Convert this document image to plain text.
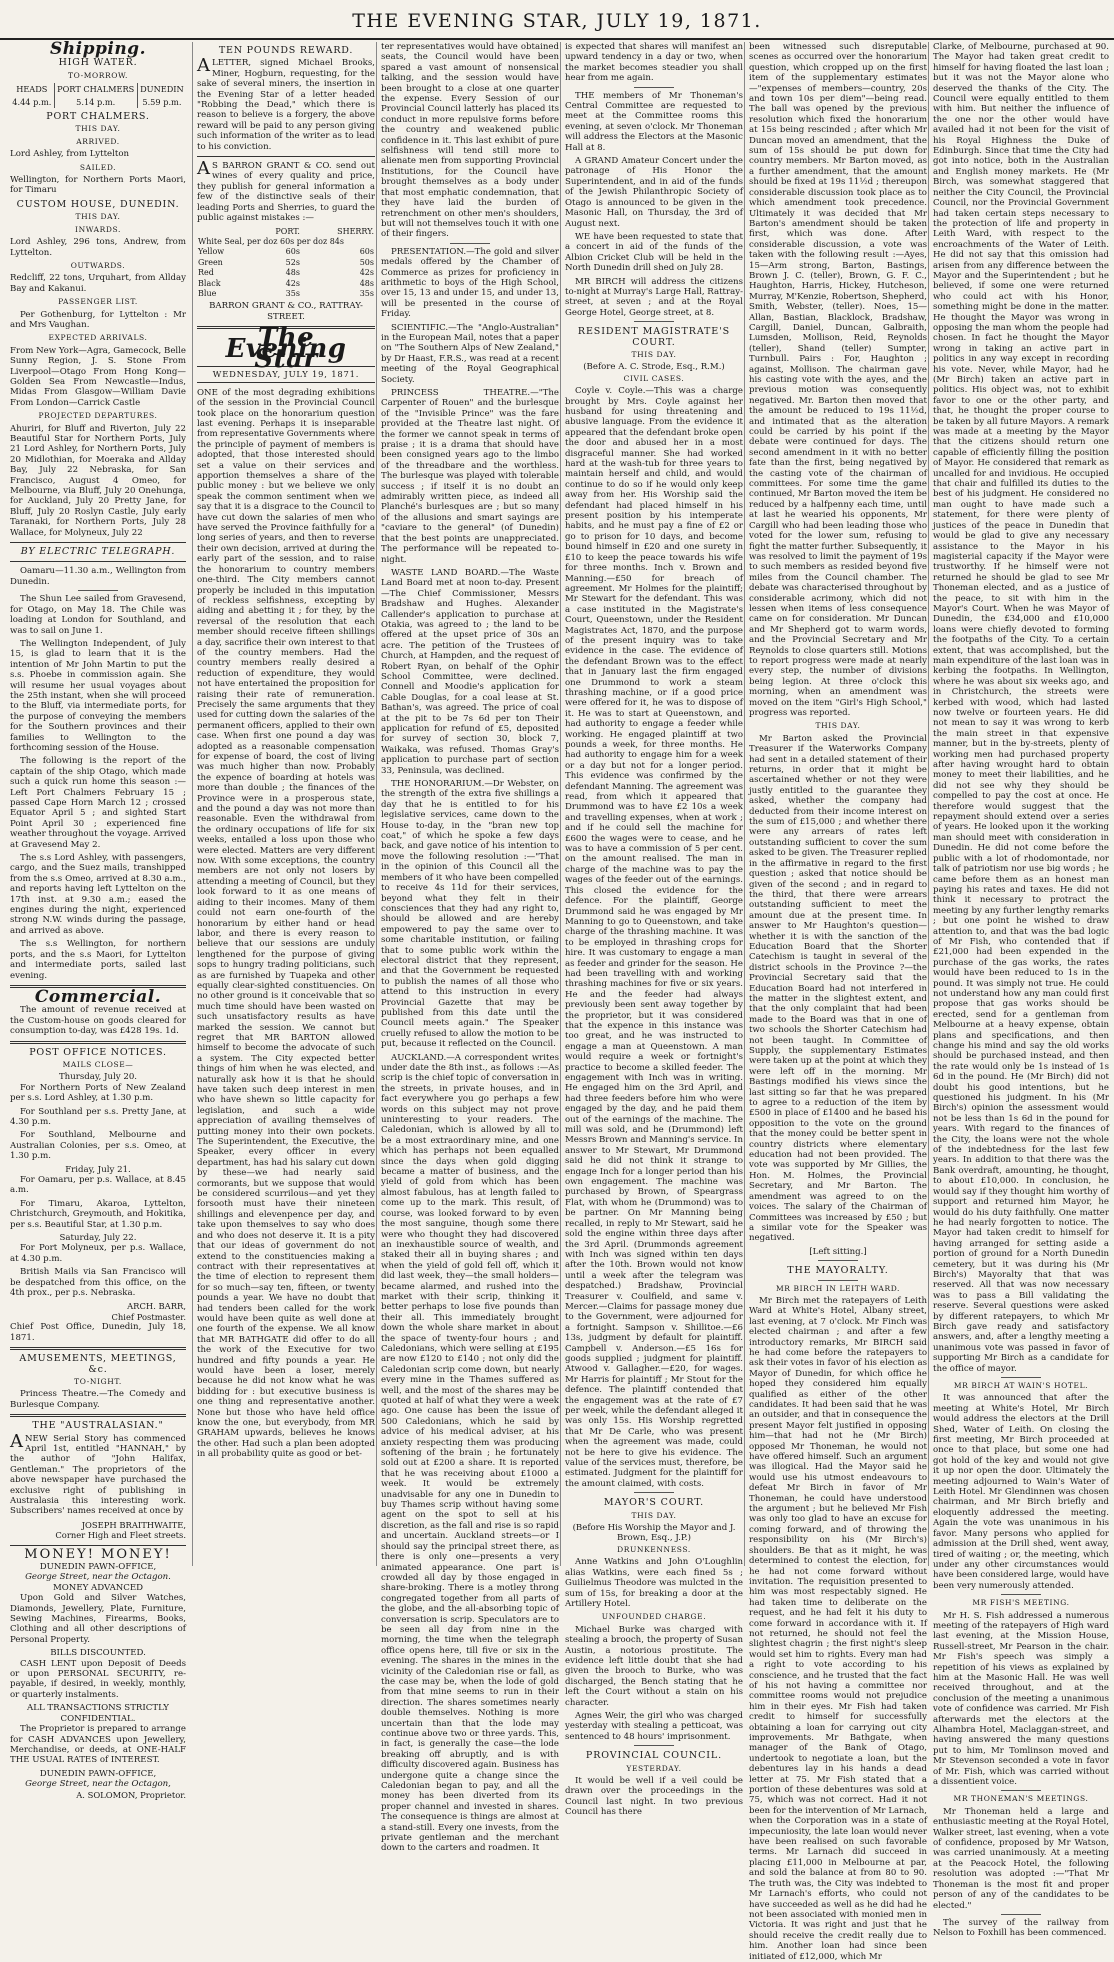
THE EVENING STAR, JULY 19, 1871.
Shipping.
HIGH WATER.
TO-MORROW.
HEADS	PORT CHALMERS	DUNEDIN
4.44 p.m.	5.14 p.m.	5.59 p.m.
PORT CHALMERS.
THIS DAY.
ARRIVED.

Lord Ashley, from Lyttelton

SAILED.

Wellington, for Northern Ports Maori, for Timaru

CUSTOM HOUSE, DUNEDIN.
THIS DAY.
INWARDS.

Lord Ashley, 296 tons, Andrew, from Lyttelton.

OUTWARDS.

Redcliff, 22 tons, Urquhart, from Allday Bay and Kakanui.

PASSENGER LIST.

Per Gothenburg, for Lyttelton : Mr and Mrs Vaughan.

EXPECTED ARRIVALS.

From New York—Agra, Gamecock, Belle Sunny Region, J. S. Stone From Liverpool—Otago From Hong Kong—Golden Sea From Newcastle—Indus, Midas From Glasgow—William Davie From London—Carrick Castle

PROJECTED DEPARTURES.

Ahuriri, for Bluff and Riverton, July 22 Beautiful Star for Northern Ports, July 21 Lord Ashley, for Northern Ports, July 20 Midlothian, for Moeraka and Allday Bay, July 22 Nebraska, for San Francisco, August 4 Omeo, for Melbourne, via Bluff, July 20 Onehunga, for Auckland, July 20 Pretty Jane, for Bluff, July 20 Roslyn Castle, July early Taranaki, for Northern Ports, July 28 Wallace, for Molyneux, July 22

BY ELECTRIC TELEGRAPH.

Oamaru—11.30 a.m., Wellington from Dunedin.

The Shun Lee sailed from Gravesend, for Otago, on May 18. The Chile was loading at London for Southland, and was to sail on June 1.

The Wellington Independent, of July 15, is glad to learn that it is the intention of Mr John Martin to put the s.s. Phoebe in commission again. She will resume her usual voyages about the 25th instant, when she will proceed to the Bluff, via intermediate ports, for the purpose of conveying the members for the Southern provinces and their families to Wellington to the forthcoming session of the House.

The following is the report of the captain of the ship Otago, which made such a quick run home this season :—Left Port Chalmers February 15 ; passed Cape Horn March 12 ; crossed Equator April 5 ; and sighted Start Point April 30 ; experienced fine weather throughout the voyage. Arrived at Gravesend May 2.

The s.s Lord Ashley, with passengers, cargo, and the Suez mails, transhipped from the s.s Omeo, arrived at 8.30 a.m., and reports having left Lyttelton on the 17th inst. at 9.30 a.m.; eased the engines during the night, experienced strong N.W. winds during the passage, and arrived as above.

The s.s Wellington, for northern ports, and the s.s Maori, for Lyttelton and intermediate ports, sailed last evening.

Commercial.

The amount of revenue received at the Custom-house on goods cleared for consumption to-day, was £428 19s. 1d.

POST OFFICE NOTICES.
MAILS CLOSE—
Thursday, July 20.

For Northern Ports of New Zealand per s.s. Lord Ashley, at 1.30 p.m.

For Southland per s.s. Pretty Jane, at 4.30 p.m.

For Southland, Melbourne and Australian Colonies, per s.s. Omeo, at 1.30 p.m.

Friday, July 21.

For Oamaru, per p.s. Wallace, at 8.45 a.m.

For Timaru, Akaroa, Lyttelton, Christchurch, Greymouth, and Hokitika, per s.s. Beautiful Star, at 1.30 p.m.

Saturday, July 22.

For Port Molyneux, per p.s. Wallace, at 4.30 p.m.

British Mails via San Francisco will be despatched from this office, on the 4th prox., per p.s. Nebraska.

ARCH. BARR,
Chief Postmaster.

Chief Post Office, Dunedin, July 18, 1871.

AMUSEMENTS, MEETINGS, &c.
TO-NIGHT.

Princess Theatre.—The Comedy and Burlesque Company.

THE "AUSTRALASIAN."

ANEW Serial Story has commenced April 1st, entitled "HANNAH," by the author of "John Halifax, Gentleman." The proprietors of the above newspaper have purchased the exclusive right of publishing in Australasia this interesting work. Subscribers' names received at once by

JOSEPH BRAITHWAITE,
Corner High and Fleet streets.
MONEY! MONEY!
DUNEDIN PAWN-OFFICE,
George Street, near the Octagon.
MONEY ADVANCED

Upon Gold and Silver Watches, Diamonds, Jewellery, Plate, Furniture, Sewing Machines, Firearms, Books, Clothing and all other descriptions of Personal Property.

BILLS DISCOUNTED.

CASH LENT upon Deposit of Deeds or upon PERSONAL SECURITY, re-payable, if desired, in weekly, monthly, or quarterly instalments.

ALL TRANSACTIONS STRICTLY CONFIDENTIAL.

The Proprietor is prepared to arrange for CASH ADVANCES upon Jewellery, Merchandise, or deeds, at ONE-HALF THE USUAL RATES of INTEREST.

DUNEDIN PAWN-OFFICE,
George Street, near the Octagon,
A. SOLOMON, Proprietor.
TEN POUNDS REWARD.

ALETTER, signed Michael Brooks, Miner, Hogburn, requesting, for the sake of several miners, the insertion in the Evening Star of a letter headed "Robbing the Dead," which there is reason to believe is a forgery, the above reward will be paid to any person giving such information of the writer as to lead to his conviction.

AS BARRON GRANT & CO. send out wines of every quality and price, they publish for general information a few of the distinctive seals of their leading Ports and Sherries, to guard the public against mistakes :—

	PORT.	SHERRY.
White Seal, per doz 60s per doz 84s		
Yellow	60s	60s
Green	52s	50s
Red	48s	42s
Black	42s	48s
Blue	35s	35s
BARRON GRANT & CO., RATTRAY-STREET.
The Evening Star
WEDNESDAY, JULY 19, 1871.

ONE of the most degrading exhibitions of the session in the Provincial Council took place on the honorarium question last evening. Perhaps it is inseparable from representative Governments where the principle of payment of members is adopted, that those interested should set a value on their services and apportion themselves a share of the public money : but we believe we only speak the common sentiment when we say that it is a disgrace to the Council to have cut down the salaries of men who have served the Province faithfully for a long series of years, and then to reverse their own decision, arrived at during the early part of the session, and to raise the honorarium to country members one-third. The City members cannot properly be included in this imputation of reckless selfishness, excepting by aiding and abetting it ; for they, by the reversal of the resolution that each member should receive fifteen shillings a day, sacrifice their own interest to that of the country members. Had the country members really desired a reduction of expenditure, they would not have entertained the proposition for raising their rate of remuneration. Precisely the same arguments that they used for cutting down the salaries of the permanent officers, applied to their own case. When first one pound a day was adopted as a reasonable compensation for expense of board, the cost of living was much higher than now. Probably the expence of boarding at hotels was more than double ; the finances of the Province were in a prosperous state, and the pound a day was not more than reasonable. Even the withdrawal from the ordinary occupations of life for six weeks, entailed a loss upon those who were elected. Matters are very different now. With some exceptions, the country members are not only not losers by attending a meeting of Council, but they look forward to it as one means of aiding to their incomes. Many of them could not earn one-fourth of the honorarium by either hand or head labor, and there is every reason to believe that our sessions are unduly lengthened for the purpose of giving sops to hungry trading politicians, such as are furnished by Tuapeka and other equally clear-sighted constituencies. On no other ground is it conceivable that so much time should have been wasted on such unsatisfactory results as have marked the session. We cannot but regret that MR BARTON allowed himself to become the advocate of such a system. The City expected better things of him when he was elected, and naturally ask how it is that he should have taken such deep interest in men who have shewn so little capacity for legislation, and such a wide appreciation of availing themselves of putting money into their own pockets. The Superintendent, the Executive, the Speaker, every officer in every department, has had his salary cut down by these—we had nearly said cormorants, but we suppose that would be considered scurrilous—and yet they forsooth must have their nineteen shillings and elevenpence per day, and take upon themselves to say who does and who does not deserve it. It is a pity that our ideas of government do not extend to the constituencies making a contract with their representatives at the time of election to represent them for so much—say ten, fifteen, or twenty pounds a year. We have no doubt that had tenders been called for the work would have been quite as well done at one fourth of the expense. We all know that MR BATHGATE did offer to do all the work of the Executive for two hundred and fifty pounds a year. He would have been a loser, merely because he did not know what he was bidding for : but executive business is one thing and representative another. None but those who have held office know the one, but everybody, from MR GRAHAM upwards, believes he knows the other. Had such a plan been adopted in all probability quite as good or bet-

ter representatives would have obtained seats, the Council would have been spared a vast amount of nonsensical talking, and the session would have been brought to a close at one quarter the expense. Every Session of our Provincial Council latterly has placed its conduct in more repulsive forms before the country and weakened public confidence in it. This last exhibit of pure selfishness will tend still more to alienate men from supporting Provincial Institutions, for the Council have brought themselves as a body under that most emphatic condemnation, that they have laid the burden of retrenchment on other men's shoulders, but will not themselves touch it with one of their fingers.

PRESENTATION.—The gold and silver medals offered by the Chamber of Commerce as prizes for proficiency in arithmetic to boys of the High School, over 15, 13 and under 15, and under 13, will be presented in the course of Friday.

SCIENTIFIC.—The "Anglo-Australian" in the European Mail, notes that a paper on "The Southern Alps of New Zealand," by Dr Haast, F.R.S., was read at a recent meeting of the Royal Geographical Society.

PRINCESS THEATRE.—"The Carpenter of Rouen" and the burlesque of the "Invisible Prince" was the fare provided at the Theatre last night. Of the former we cannot speak in terms of praise ; it is a drama that should have been consigned years ago to the limbo of the threadbare and the worthless. The burlesque was played with tolerable success ; if itself it is no doubt an admirably written piece, as indeed all Planché's burlesques are ; but so many of the allusions and smart sayings are "caviare to the general" (of Dunedin) that the best points are unappreciated. The performance will be repeated to-night.

WASTE LAND BOARD.—The Waste Land Board met at noon to-day. Present—The Chief Commissioner, Messrs Bradshaw and Hughes. Alexander Callender's application to purchase at Otakia, was agreed to ; the land to be offered at the upset price of 30s an acre. The petition of the Trustees of Church, at Hampden, and the request of Robert Ryan, on behalf of the Ophir School Committee, were declined. Connell and Moodie's application for Cable Douglas, for a coal lease at St. Bathan's, was agreed. The price of coal at the pit to be 7s 6d per ton Their application for refund of £5, deposited for survey of section 30, block 7, Waikaka, was refused. Thomas Gray's application to purchase part of section 33, Peninsula, was declined.

THE HONORARIUM.—Dr Webster, on the strength of the extra five shillings a day that he is entitled to for his legislative services, came down to the House to-day, in the "bran new top coat," of which he spoke a few days back, and gave notice of his intention to move the following resolution :—"That in the opinion of this Council all the members of it who have been compelled to receive 4s 11d for their services, beyond what they felt in their consciences that they had any right to, should be allowed and are hereby empowered to pay the same over to some charitable institution, or failing that to some public work within the electoral district that they represent, and that the Government be requested to publish the names of all those who attend to this instruction in every Provincial Gazette that may be published from this date until the Council meets again." The Speaker cruelly refused to allow the motion to be put, because it reflected on the Council.

AUCKLAND.—A correspondent writes under date the 8th inst., as follows :—As scrip is the chief topic of conversation in the streets, in private houses, and in fact everywhere you go perhaps a few words on this subject may not prove uninteresting to your readers. The Caledonian, which is allowed by all to be a most extraordinary mine, and one which has perhaps not been equalled since the days when gold digging became a matter of business, and the yield of gold from which has been almost fabulous, has at length failed to come up to the mark. This result, of course, was looked forward to by even the most sanguine, though some there were who thought they had discovered an inexhaustible source of wealth, and staked their all in buying shares ; and when the yield of gold fell off, which it did last week, they—the small holders—became alarmed, and rushed into the market with their scrip, thinking it better perhaps to lose five pounds than their all. This immediately brought down the whole share market in about the space of twenty-four hours ; and Caledonians, which were selling at £195 are now £120 to £140 ; not only did the Caledonian scrip come down, but nearly every mine in the Thames suffered as well, and the most of the shares may be quoted at half of what they were a week ago. One cause has been the issue of 500 Caledonians, which he said by advice of his medical adviser, at his anxiety respecting them was producing softening of the brain ; he fortunately sold out at £200 a share. It is reported that he was receiving about £1000 a week. It would be extremely unadvisable for any one in Dunedin to buy Thames scrip without having some agent on the spot to sell at his discretion, as the fall and rise is so rapid and uncertain. Auckland streets—or I should say the principal street there, as there is only one—presents a very animated appearance. One part is crowded all day by those engaged in share-broking. There is a motley throng congregated together from all parts of the globe, and the all-absorbing topic of conversation is scrip. Speculators are to be seen all day from nine in the morning, the time when the telegraph office opens here, till five or six in the evening. The shares in the mines in the vicinity of the Caledonian rise or fall, as the case may be, when the lode of gold from that mine seems to run in their direction. The shares sometimes nearly double themselves. Nothing is more uncertain than that the lode may continue above two or three yards. This, in fact, is generally the case—the lode breaking off abruptly, and is with difficulty discovered again. Business has undergone quite a change since the Caledonian began to pay, and all the money has been diverted from its proper channel and invested in shares. The consequence is things are almost at a stand-still. Every one invests, from the private gentleman and the merchant down to the carters and roadmen. It

is expected that shares will manifest an upward tendency in a day or two, when the market becomes steadier you shall hear from me again.

THE members of Mr Thoneman's Central Committee are requested to meet at the Committee rooms this evening, at seven o'clock. Mr Thoneman will address the Electors at the Masonic Hall at 8.

A GRAND Amateur Concert under the patronage of His Honor the Superintendent, and in aid of the funds of the Jewish Philanthropic Society of Otago is announced to be given in the Masonic Hall, on Thursday, the 3rd of August next.

WE have been requested to state that a concert in aid of the funds of the Albion Cricket Club will be held in the North Dunedin drill shed on July 28.

MR BIRCH will address the citizens to-night at Murray's Large Hall, Rattray-street, at seven ; and at the Royal George Hotel, George street, at 8.

RESIDENT MAGISTRATE'S COURT.
THIS DAY.
(Before A. C. Strode, Esq., R.M.)
CIVIL CASES.

Coyle v. Coyle.—This was a charge brought by Mrs. Coyle against her husband for using threatening and abusive language. From the evidence it appeared that the defendant broke open the door and abused her in a most disgraceful manner. She had worked hard at the wash-tub for three years to maintain herself and child, and would continue to do so if he would only keep away from her. His Worship said the defendant had placed himself in his present position by his intemperate habits, and he must pay a fine of £2 or go to prison for 10 days, and become bound himself in £20 and one surety in £10 to keep the peace towards his wife for three months. Inch v. Brown and Manning.—£50 for breach of agreement. Mr Holmes for the plaintiff; Mr Stewart for the defendant. This was a case instituted in the Magistrate's Court, Queenstown, under the Resident Magistrates Act, 1870, and the purpose of the present inquiry was to take evidence in the case. The evidence of the defendant Brown was to the effect that in January last the firm engaged one Drummond to work a steam thrashing machine, or if a good price were offered for it, he was to dispose of it. He was to start at Queenstown, and had authority to engage a feeder while working. He engaged plaintiff at two pounds a week, for three months. He had authority to engage him for a week or a day but not for a longer period. This evidence was confirmed by the defendant Manning. The agreement was read, from which it appeared that Drummond was to have £2 10s a week and travelling expenses, when at work ; and if he could sell the machine for £600 the wages were to cease, and he was to have a commission of 5 per cent. on the amount realised. The man in charge of the machine was to pay the wages of the feeder out of the earnings. This closed the evidence for the defence. For the plaintiff, George Drummond said he was engaged by Mr Manning to go to Queenstown, and take charge of the thrashing machine. It was to be employed in thrashing crops for hire. It was customary to engage a man as feeder and grinder for the season. He had been travelling with and working thrashing machines for five or six years. He and the feeder had always previously been sent away together by the proprietor, but it was considered that the expence in this instance was too great, and he was instructed to engage a man at Queenstown. A man would require a week or fortnight's practice to become a skilled feeder. The engagement with Inch was in writing. He engaged him on the 3rd April, and had three feeders before him who were engaged by the day, and he paid them out of the earnings of the machine. The mill was sold, and he (Drummond) left Messrs Brown and Manning's service. In answer to Mr Stewart, Mr Drummond said he did not think it strange to engage Inch for a longer period than his own engagement. The machine was purchased by Brown, of Speargrass Flat, with whom he (Drummond) was to be partner. On Mr Manning being recalled, in reply to Mr Stewart, said he sold the engine within three days after the 3rd April. (Drummonds agreement with Inch was signed within ten days after the 10th. Brown would not know until a week after the telegram was despatched.) Bradshaw, Provincial Treasurer v. Coulfield, and same v. Mercer.—Claims for passage money due to the Government, were adjourned for a fortnight. Sampson v. Shillitoe.—£6 13s, judgment by default for plaintiff. Campbell v. Anderson.—£5 16s for goods supplied ; judgment for plaintiff. Atwood v. Gallagher.—£20, for wages. Mr Harris for plaintiff ; Mr Stout for the defence. The plaintiff contended that the engagement was at the rate of £7 per week, while the defendant alleged it was only 15s. His Worship regretted that Mr De Carle, who was present when the agreement was made, could not be here to give his evidence. The value of the services must, therefore, be estimated. Judgment for the plaintiff for the amount claimed, with costs.

MAYOR'S COURT.
THIS DAY.
(Before His Worship the Mayor and J. Brown, Esq., J.P.)
DRUNKENNESS.

Anne Watkins and John O'Loughlin alias Watkins, were each fined 5s ; Guilielmus Theodore was mulcted in the sum of 15s, for breaking a door at the Artillery Hotel.

UNFOUNDED CHARGE.

Michael Burke was charged with stealing a brooch, the property of Susan Austin, a notorious prostitute. The evidence left little doubt that she had given the brooch to Burke, who was discharged, the Bench stating that he left the Court without a stain on his character.

Agnes Weir, the girl who was charged yesterday with stealing a petticoat, was sentenced to 48 hours' imprisonment.

PROVINCIAL COUNCIL.
YESTERDAY.

It would be well if a veil could be drawn over the proceedings in the Council last night. In two previous Council has there

been witnessed such disreputable scenes as occurred over the honorarium question, which cropped up on the first item of the supplementary estimates—"expenses of members—country, 20s and town 10s per diem"—being read. The ball was opened by the previous resolution which fixed the honorarium at 15s being rescinded ; after which Mr Duncan moved an amendment, that the sum of 15s should be put down for country members. Mr Barton moved, as a further amendment, that the amount should be fixed at 19s 11½d ; thereupon considerable discussion took place as to which amendment took precedence. Ultimately it was decided that Mr Barton's amendment should be taken first, which was done. After considerable discussion, a vote was taken with the following result :—Ayes, 15—Arm strong, Barton, Bastings, Brown J. C. (teller), Brown, G. F. C., Haughton, Harris, Hickey, Hutcheson, Murray, M'Kenzie, Robertson, Shepherd, Smith, Webster, (teller). Noes, 15—Allan, Bastian, Blacklock, Bradshaw, Cargill, Daniel, Duncan, Galbraith, Lumsden, Mollison, Reid, Reynolds (teller), Shand (teller) Sumpter, Turnbull. Pairs : For, Haughton ; against, Mollison. The chairman gave his casting vote with the ayes, and the previous motion was consequently negatived. Mr. Barton then moved that the amount be reduced to 19s 11½d, and intimated that as the alteration could be carried by his point if the debate were continued for days. The second amendment in it with no better fate than the first, being negatived by the casting vote of the chairman of committees. For some time the game continued, Mr Barton moved the item be reduced by a halfpenny each time, until at last he wearied his opponents, Mr Cargill who had been leading those who voted for the lower sum, refusing to fight the matter further. Subsequently, it was resolved to limit the payment of 19s to such members as resided beyond five miles from the Council chamber. The debate was characterised throughout by considerable acrimony, which did not lessen when items of less consequence came on for consideration. Mr Duncan and Mr Shepherd got to warm words, and the Provincial Secretary and Mr Reynolds to close quarters still. Motions to report progress were made at nearly every step, the number of divisions being legion. At three o'clock this morning, when an amendment was moved on the item "Girl's High School," progress was reported.

THIS DAY.

Mr Barton asked the Provincial Treasurer if the Waterworks Company had sent in a detailed statement of their returns, in order that it might be ascertained whether or not they were justly entitled to the guarantee they asked, whether the company had deducted from their income interest on the sum of £15,000 ; and whether there were any arrears of rates left outstanding sufficient to cover the sum asked to be given. The Treasurer replied in the affirmative in regard to the first question ; asked that notice should be given of the second ; and in regard to the third, that there were arrears outstanding sufficient to meet the amount due at the present time. In answer to Mr Haughton's question—whether it is with the sanction of the Education Board that the Shorter Catechism is taught in several of the district schools in the Province ?—the Provincial Secretary said that the Education Board had not interfered in the matter in the slightest extent, and that the only complaint that had been made to the Board was that in one of two schools the Shorter Catechism had not been taught. In Committee of Supply, the supplementary Estimates were taken up at the point at which they were left off in the morning. Mr Bastings modified his views since the last sitting so far that he was prepared to agree to a reduction of the item by £500 in place of £1400 and he based his opposition to the vote on the ground that the money could be better spent in country districts where elementary education had not been provided. The vote was supported by Mr Gillies, the Hon. M. Holmes, the Provincial Secretary, and Mr Barton. The amendment was agreed to on the voices. The salary of the Chairman of Committees was increased by £50 ; but a similar vote for the Speaker was negatived.

[Left sitting.]
THE MAYORALTY.
MR BIRCH IN LEITH WARD.

Mr Birch met the ratepayers of Leith Ward at White's Hotel, Albany street, last evening, at 7 o'clock. Mr Finch was elected chairman ; and after a few introductory remarks, Mr BIRCH said he had come before the ratepayers to ask their votes in favor of his election as Mayor of Dunedin, for which office he hoped they considered him equally qualified as either of the other candidates. It had been said that he was an outsider, and that in consequence the present Mayor felt justified in opposing him—that had not he (Mr Birch) opposed Mr Thoneman, he would not have offered himself. Such an argument was illogical. Had the Mayor said he would use his utmost endeavours to defeat Mr Birch in favor of Mr Thoneman, he could have understood the argument ; but he believed Mr Fish was only too glad to have an excuse for coming forward, and of throwing the responsibility on his (Mr Birch's) shoulders. Be that as it might, he was determined to contest the election, for he had not come forward without invitation. The requisition presented to him was most respectably signed. He had taken time to deliberate on the request, and he had felt it his duty to come forward in accordance with it. If not returned, he should not feel the slightest chagrin ; the first night's sleep would set him to rights. Every man had a right to vote according to his conscience, and he trusted that the fact of his not having a committee nor committee rooms would not prejudice him in their eyes. Mr Fish had taken credit to himself for successfully obtaining a loan for carrying out city improvements. Mr Bathgate, when manager of the Bank of Otago, undertook to negotiate a loan, but the debentures lay in his hands a dead letter at 75. Mr Fish stated that a portion of these debentures was sold at 75, which was not correct. Had it not been for the intervention of Mr Larnach, when the Corporation was in a state of impecuniosity, the late loan would never have been realised on such favorable terms. Mr Larnach did succeed in placing £11,000 in Melbourne at par, and sold the balance at from 80 to 90. The truth was, the City was indebted to Mr Larnach's efforts, who could not have succeeded as well as he did had he not been associated with monied men in Victoria. It was right and just that he should receive the credit really due to him. Another loan had since been initiated of £12,000, which Mr

Clarke, of Melbourne, purchased at 90. The Mayor had taken great credit to himself for having floated the last loan ; but it was not the Mayor alone who deserved the thanks of the City. The Council were equally entitled to them with him. But neither the influence of the one nor the other would have availed had it not been for the visit of his Royal Highness the Duke of Edinburgh. Since that time the City had got into notice, both in the Australian and English money markets. He (Mr Birch, was somewhat staggered that neither the City Council, the Provincial Council, nor the Provincial Government had taken certain steps necessary to the protection of life and property in Leith Ward, with respect to the encroachments of the Water of Leith. He did not say that this omission had arisen from any difference between the Mayor and the Superintendent ; but he believed, if some one were returned who could act with his Honor, something might be done in the matter. He thought the Mayor was wrong in opposing the man whom the people had chosen. In fact he thought the Mayor wrong in taking an active part in politics in any way except in recording his vote. Never, while Mayor, had he (Mr Birch) taken an active part in politics. His object was, not to exhibit favor to one or the other party, and that, he thought the proper course to be taken by all future Mayors. A remark was made at a meeting by the Mayor that the citizens should return one capable of efficiently filling the position of Mayor. He considered that remark as uncalled for and invidious. He occupied that chair and fulfilled its duties to the best of his judgment. He considered no man ought to have made such a statement, for there were plenty of justices of the peace in Dunedin that would be glad to give any necessary assistance to the Mayor in his magisterial capacity if the Mayor were trustworthy. If he himself were not returned he should be glad to see Mr Thoneman elected, and as a justice of the peace, to sit with him in the Mayor's Court. When he was Mayor of Dunedin, the £34,000 and £10,000 loans were chiefly devoted to forming the footpaths of the City. To a certain extent, that was accomplished, but the main expenditure of the last loan was in kerbing the footpaths. In Wellington, where he was about six weeks ago, and in Christchurch, the streets were kerbed with wood, which had lasted now twelve or fourteen years. He did not mean to say it was wrong to kerb the main street in that expensive manner, but in the by-streets, plenty of working men had purchased property after having wrought hard to obtain money to meet their liabilities, and he did not see why they should be compelled to pay the cost at once. He therefore would suggest that the repayment should extend over a series of years. He looked upon it the working man should meet with consideration in Dunedin. He did not come before the public with a lot of rhodomontade, nor talk of patriotism nor use big words ; he came before them as an honest man paying his rates and taxes. He did not think it necessary to protract the meeting by any further lengthy remarks ; but one point he wished to draw attention to, and that was the bad logic of Mr Fish, who contended that if £21,000 had been expended in the purchase of the gas works, the rates would have been reduced to 1s in the pound. It was simply not true. He could not understand how any man could first propose that gas works should be erected, send for a gentleman from Melbourne at a heavy expense, obtain plans and specifications, and then change his mind and say the old works should be purchased instead, and then the rate would only be 1s instead of 1s 6d in the pound. He (Mr Birch) did not doubt his good intentions, but he questioned his judgment. In his (Mr Birch's) opinion the assessment would not be less than 1s 6d in the pound for years. With regard to the finances of the City, the loans were not the whole of the indebtedness for the last few years. In addition to that there was the Bank overdraft, amounting, he thought, to about £10,000. In conclusion, he would say if they thought him worthy of support and returned him Mayor, he would do his duty faithfully. One matter he had nearly forgotten to notice. The Mayor had taken credit to himself for having arranged for setting aside a portion of ground for a North Dunedin cemetery, but it was during his (Mr Birch's) Mayoralty that that was reserved. All that was now necessary was to pass a Bill validating the reserve. Several questions were asked by different ratepayers, to which Mr Birch gave ready and satisfactory answers, and, after a lengthy meeting a unanimous vote was passed in favor of supporting Mr Birch as a candidate for the office of mayor.

MR BIRCH AT WAIN'S HOTEL.

It was announced that after the meeting at White's Hotel, Mr Birch would address the electors at the Drill Shed, Water of Leith. On closing the first meeting, Mr Birch proceeded at once to that place, but some one had got hold of the key and would not give it up nor open the door. Ultimately the meeting adjourned to Wain's Water of Leith Hotel. Mr Glendinnen was chosen chairman, and Mr Birch briefly and eloquently addressed the meeting. Again the vote was unanimous in his favor. Many persons who applied for admission at the Drill shed, went away, tired of waiting ; or, the meeting, which under any other circumstances would have been considered large, would have been very numerously attended.

MR FISH'S MEETING.

Mr H. S. Fish addressed a numerous meeting of the ratepayers of High ward last evening, at the Mission House, Russell-street, Mr Pearson in the chair. Mr Fish's speech was simply a repetition of his views as explained by him at the Masonic Hall. He was well received throughout, and at the conclusion of the meeting a unanimous vote of confidence was carried. Mr Fish afterwards met the electors at the Alhambra Hotel, Maclaggan-street, and having answered the many questions put to him, Mr Tomlinson moved and Mr Stevenson seconded a vote in favor of Mr. Fish, which was carried without a dissentient voice.

MR THONEMAN'S MEETINGS.

Mr Thoneman held a large and enthusiastic meeting at the Royal Hotel, Walker street, last evening, when a vote of confidence, proposed by Mr Watson, was carried unanimously. At a meeting at the Peacock Hotel, the following resolution was adopted :—"That Mr Thoneman is the most fit and proper person of any of the candidates to be elected."

The survey of the railway from Nelson to Foxhill has been commenced.
